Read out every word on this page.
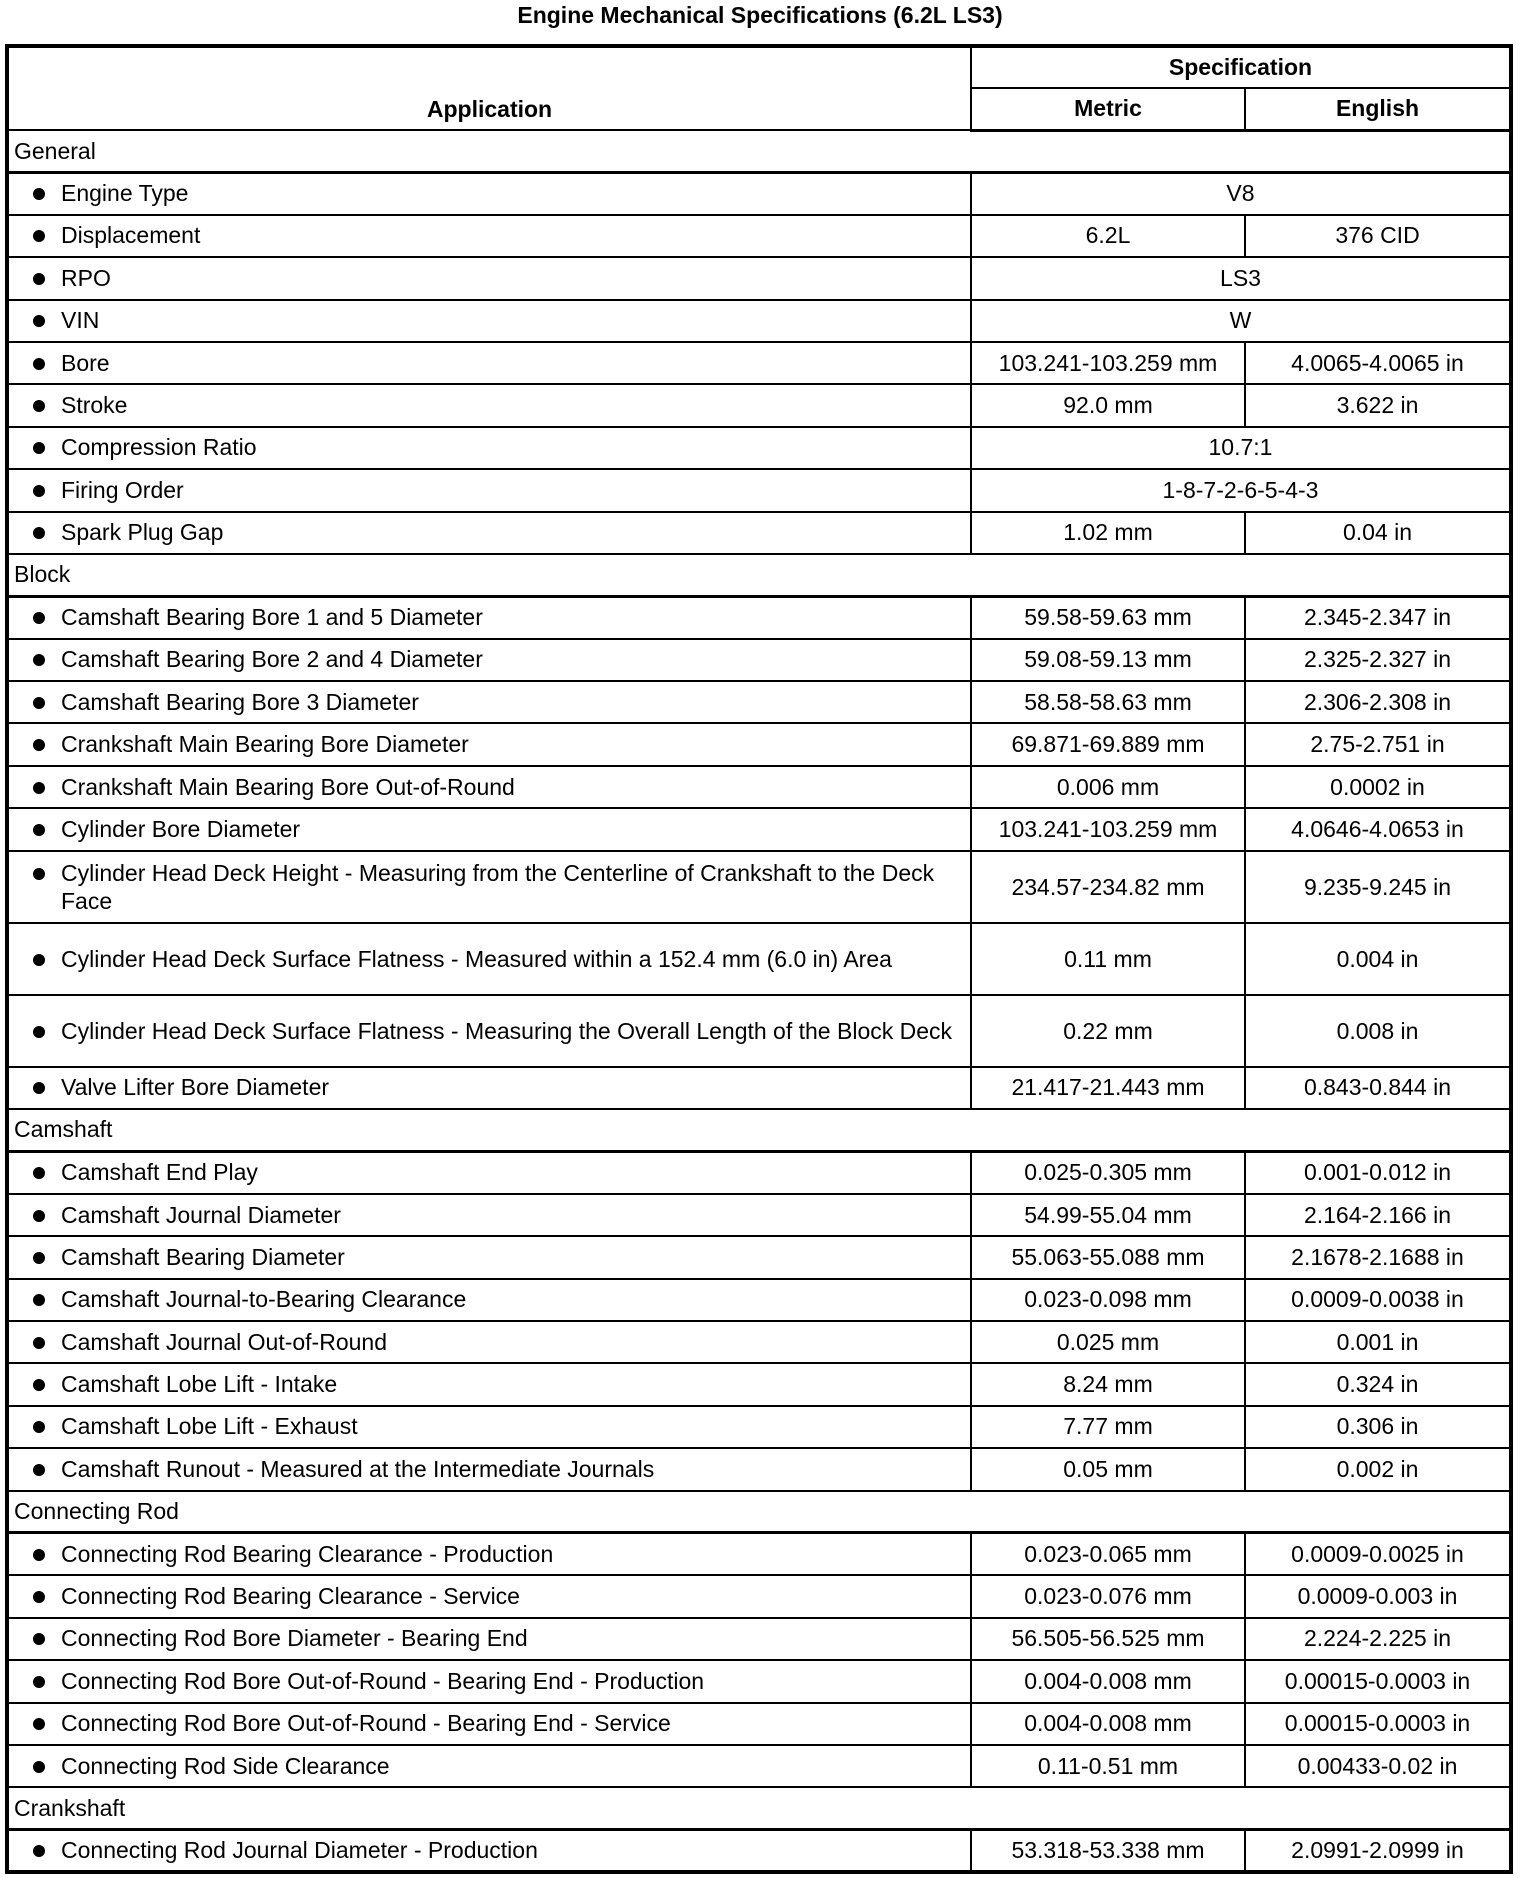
Engine Mechanical Specifications (6.2L LS3)
Application	Specification	
	Metric	English
General		

Engine Type	V8	

Displacement	6.2L	376 CID

RPO	LS3	

VIN	W	

Bore	103.241-103.259 mm	4.0065-4.0065 in

Stroke	92.0 mm	3.622 in

Compression Ratio	10.7:1	

Firing Order	1-8-7-2-6-5-4-3	

Spark Plug Gap	1.02 mm	0.04 in
Block		

Camshaft Bearing Bore 1 and 5 Diameter	59.58-59.63 mm	2.345-2.347 in

Camshaft Bearing Bore 2 and 4 Diameter	59.08-59.13 mm	2.325-2.327 in

Camshaft Bearing Bore 3 Diameter	58.58-58.63 mm	2.306-2.308 in

Crankshaft Main Bearing Bore Diameter	69.871-69.889 mm	2.75-2.751 in

Crankshaft Main Bearing Bore Out-of-Round	0.006 mm	0.0002 in

Cylinder Bore Diameter	103.241-103.259 mm	4.0646-4.0653 in

Cylinder Head Deck Height - Measuring from the Centerline of Crankshaft to the Deck Face	234.57-234.82 mm	9.235-9.245 in

Cylinder Head Deck Surface Flatness - Measured within a 152.4 mm (6.0 in) Area	0.11 mm	0.004 in

Cylinder Head Deck Surface Flatness - Measuring the Overall Length of the Block Deck	0.22 mm	0.008 in

Valve Lifter Bore Diameter	21.417-21.443 mm	0.843-0.844 in
Camshaft		

Camshaft End Play	0.025-0.305 mm	0.001-0.012 in

Camshaft Journal Diameter	54.99-55.04 mm	2.164-2.166 in

Camshaft Bearing Diameter	55.063-55.088 mm	2.1678-2.1688 in

Camshaft Journal-to-Bearing Clearance	0.023-0.098 mm	0.0009-0.0038 in

Camshaft Journal Out-of-Round	0.025 mm	0.001 in

Camshaft Lobe Lift - Intake	8.24 mm	0.324 in

Camshaft Lobe Lift - Exhaust	7.77 mm	0.306 in

Camshaft Runout - Measured at the Intermediate Journals	0.05 mm	0.002 in
Connecting Rod		

Connecting Rod Bearing Clearance - Production	0.023-0.065 mm	0.0009-0.0025 in

Connecting Rod Bearing Clearance - Service	0.023-0.076 mm	0.0009-0.003 in

Connecting Rod Bore Diameter - Bearing End	56.505-56.525 mm	2.224-2.225 in

Connecting Rod Bore Out-of-Round - Bearing End - Production	0.004-0.008 mm	0.00015-0.0003 in

Connecting Rod Bore Out-of-Round - Bearing End - Service	0.004-0.008 mm	0.00015-0.0003 in

Connecting Rod Side Clearance	0.11-0.51 mm	0.00433-0.02 in
Crankshaft		

Connecting Rod Journal Diameter - Production	53.318-53.338 mm	2.0991-2.0999 in
